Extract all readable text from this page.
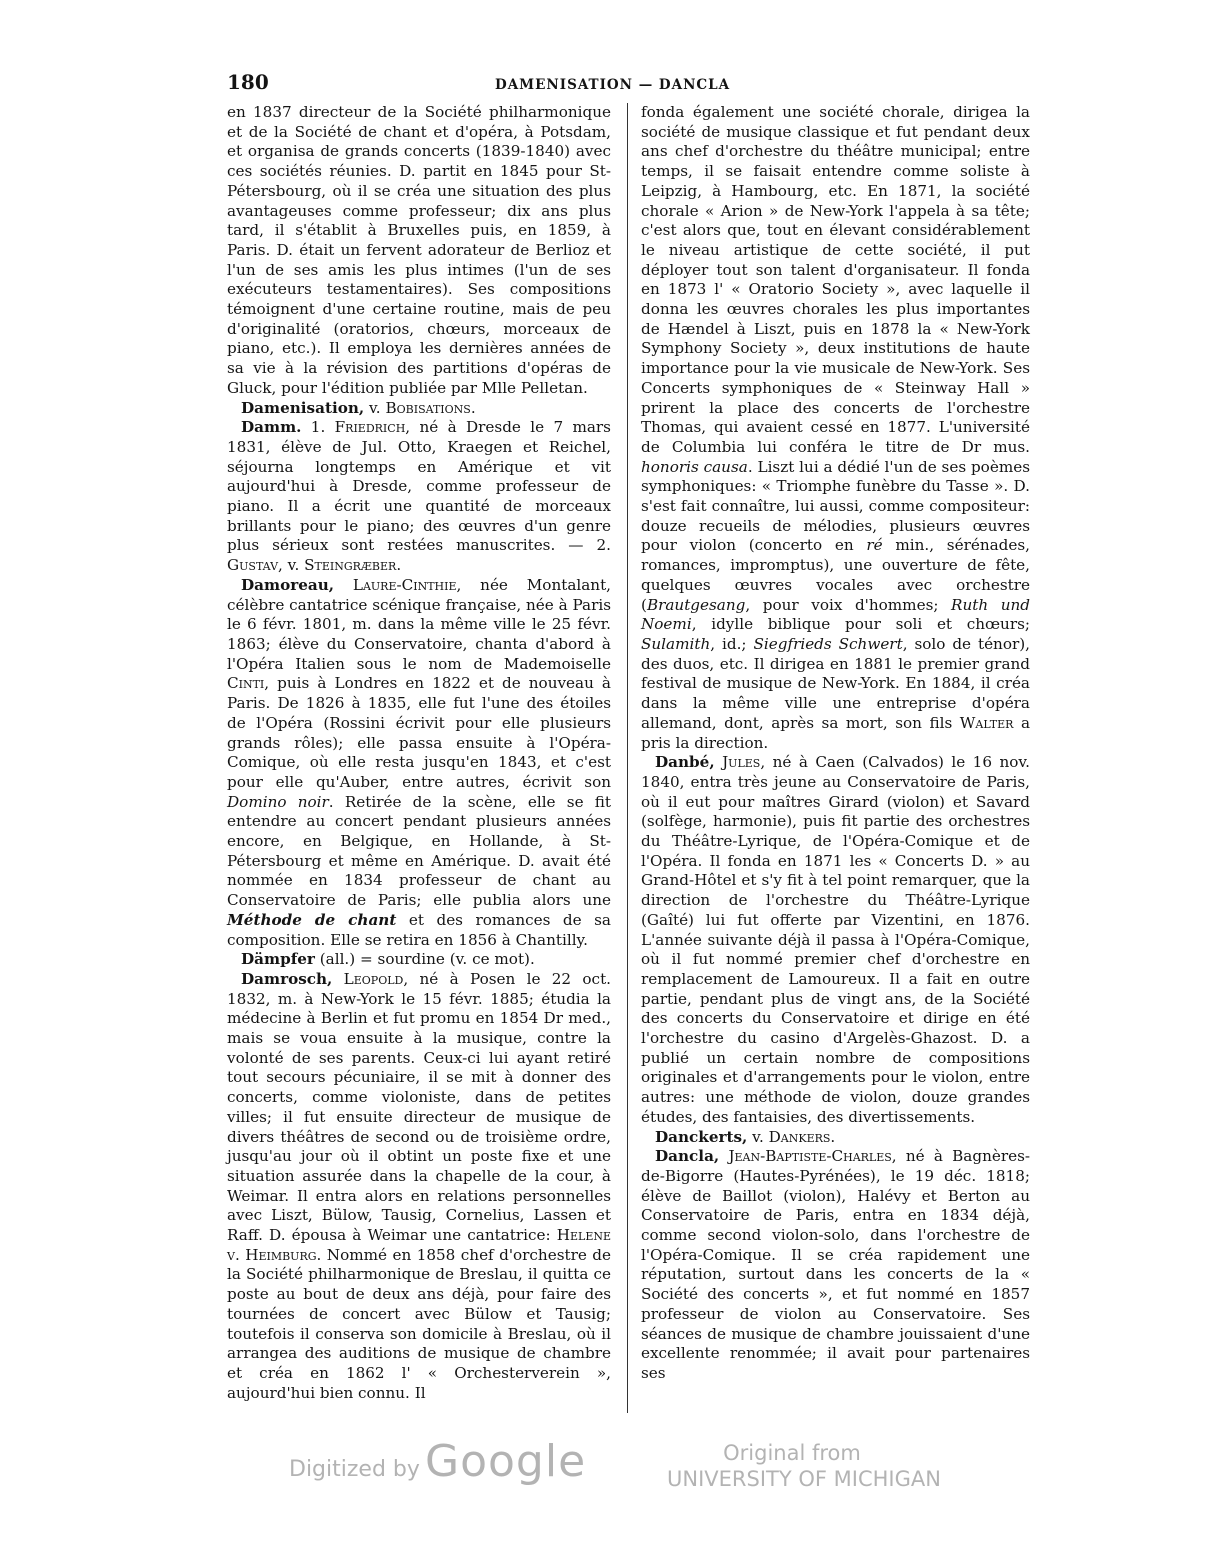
180	DAMENISATION — DANCLA

en 1837 directeur de la Société philharmonique et de la Société de chant et d'opéra, à Potsdam, et organisa de grands concerts (1839-1840) avec ces sociétés réunies. D. partit en 1845 pour St-Pétersbourg, où il se créa une situation des plus avantageuses comme professeur; dix ans plus tard, il s'établit à Bruxelles puis, en 1859, à Paris. D. était un fervent adorateur de Berlioz et l'un de ses amis les plus intimes (l'un de ses exécuteurs testamentaires). Ses compositions témoignent d'une certaine routine, mais de peu d'originalité (oratorios, chœurs, morceaux de piano, etc.). Il employa les dernières années de sa vie à la révision des partitions d'opéras de Gluck, pour l'édition publiée par Mlle Pelletan.

Damenisation, v. Bobisations.

Damm. 1. Friedrich, né à Dresde le 7 mars 1831, élève de Jul. Otto, Kraegen et Reichel, séjourna longtemps en Amérique et vit aujourd'hui à Dresde, comme professeur de piano. Il a écrit une quantité de morceaux brillants pour le piano; des œuvres d'un genre plus sérieux sont restées manuscrites. — 2. Gustav, v. Steingræber.

Damoreau, Laure-Cinthie, née Montalant, célèbre cantatrice scénique française, née à Paris le 6 févr. 1801, m. dans la même ville le 25 févr. 1863; élève du Conservatoire, chanta d'abord à l'Opéra Italien sous le nom de Mademoiselle Cinti, puis à Londres en 1822 et de nouveau à Paris. De 1826 à 1835, elle fut l'une des étoiles de l'Opéra (Rossini écrivit pour elle plusieurs grands rôles); elle passa ensuite à l'Opéra-Comique, où elle resta jusqu'en 1843, et c'est pour elle qu'Auber, entre autres, écrivit son Domino noir. Retirée de la scène, elle se fit entendre au concert pendant plusieurs années encore, en Belgique, en Hollande, à St-Pétersbourg et même en Amérique. D. avait été nommée en 1834 professeur de chant au Conservatoire de Paris; elle publia alors une Méthode de chant et des romances de sa composition. Elle se retira en 1856 à Chantilly.

Dämpfer (all.) = sourdine (v. ce mot).

Damrosch, Leopold, né à Posen le 22 oct. 1832, m. à New-York le 15 févr. 1885; étudia la médecine à Berlin et fut promu en 1854 Dr med., mais se voua ensuite à la musique, contre la volonté de ses parents. Ceux-ci lui ayant retiré tout secours pécuniaire, il se mit à donner des concerts, comme violoniste, dans de petites villes; il fut ensuite directeur de musique de divers théâtres de second ou de troisième ordre, jusqu'au jour où il obtint un poste fixe et une situation assurée dans la chapelle de la cour, à Weimar. Il entra alors en relations personnelles avec Liszt, Bülow, Tausig, Cornelius, Lassen et Raff. D. épousa à Weimar une cantatrice: Helene v. Heimburg. Nommé en 1858 chef d'orchestre de la Société philharmonique de Breslau, il quitta ce poste au bout de deux ans déjà, pour faire des tournées de concert avec Bülow et Tausig; toutefois il conserva son domicile à Breslau, où il arrangea des auditions de musique de chambre et créa en 1862 l' « Orchesterverein », aujourd'hui bien connu. Il

fonda également une société chorale, dirigea la société de musique classique et fut pendant deux ans chef d'orchestre du théâtre municipal; entre temps, il se faisait entendre comme soliste à Leipzig, à Hambourg, etc. En 1871, la société chorale « Arion » de New-York l'appela à sa tête; c'est alors que, tout en élevant considérablement le niveau artistique de cette société, il put déployer tout son talent d'organisateur. Il fonda en 1873 l' « Oratorio Society », avec laquelle il donna les œuvres chorales les plus importantes de Hændel à Liszt, puis en 1878 la « New-York Symphony Society », deux institutions de haute importance pour la vie musicale de New-York. Ses Concerts symphoniques de « Steinway Hall » prirent la place des concerts de l'orchestre Thomas, qui avaient cessé en 1877. L'université de Columbia lui conféra le titre de Dr mus. honoris causa. Liszt lui a dédié l'un de ses poèmes symphoniques: « Triomphe funèbre du Tasse ». D. s'est fait connaître, lui aussi, comme compositeur: douze recueils de mélodies, plusieurs œuvres pour violon (concerto en ré min., sérénades, romances, impromptus), une ouverture de fête, quelques œuvres vocales avec orchestre (Brautgesang, pour voix d'hommes; Ruth und Noemi, idylle biblique pour soli et chœurs; Sulamith, id.; Siegfrieds Schwert, solo de ténor), des duos, etc. Il dirigea en 1881 le premier grand festival de musique de New-York. En 1884, il créa dans la même ville une entreprise d'opéra allemand, dont, après sa mort, son fils Walter a pris la direction.

Danbé, Jules, né à Caen (Calvados) le 16 nov. 1840, entra très jeune au Conservatoire de Paris, où il eut pour maîtres Girard (violon) et Savard (solfège, harmonie), puis fit partie des orchestres du Théâtre-Lyrique, de l'Opéra-Comique et de l'Opéra. Il fonda en 1871 les « Concerts D. » au Grand-Hôtel et s'y fit à tel point remarquer, que la direction de l'orchestre du Théâtre-Lyrique (Gaîté) lui fut offerte par Vizentini, en 1876. L'année suivante déjà il passa à l'Opéra-Comique, où il fut nommé premier chef d'orchestre en remplacement de Lamoureux. Il a fait en outre partie, pendant plus de vingt ans, de la Société des concerts du Conservatoire et dirige en été l'orchestre du casino d'Argelès-Ghazost. D. a publié un certain nombre de compositions originales et d'arrangements pour le violon, entre autres: une méthode de violon, douze grandes études, des fantaisies, des divertissements.

Danckerts, v. Dankers.

Dancla, Jean-Baptiste-Charles, né à Bagnères-de-Bigorre (Hautes-Pyrénées), le 19 déc. 1818; élève de Baillot (violon), Halévy et Berton au Conservatoire de Paris, entra en 1834 déjà, comme second violon-solo, dans l'orchestre de l'Opéra-Comique. Il se créa rapidement une réputation, surtout dans les concerts de la « Société des concerts », et fut nommé en 1857 professeur de violon au Conservatoire. Ses séances de musique de chambre jouissaient d'une excellente renommée; il avait pour partenaires ses

Digitized by Google	Original from
UNIVERSITY OF MICHIGAN
